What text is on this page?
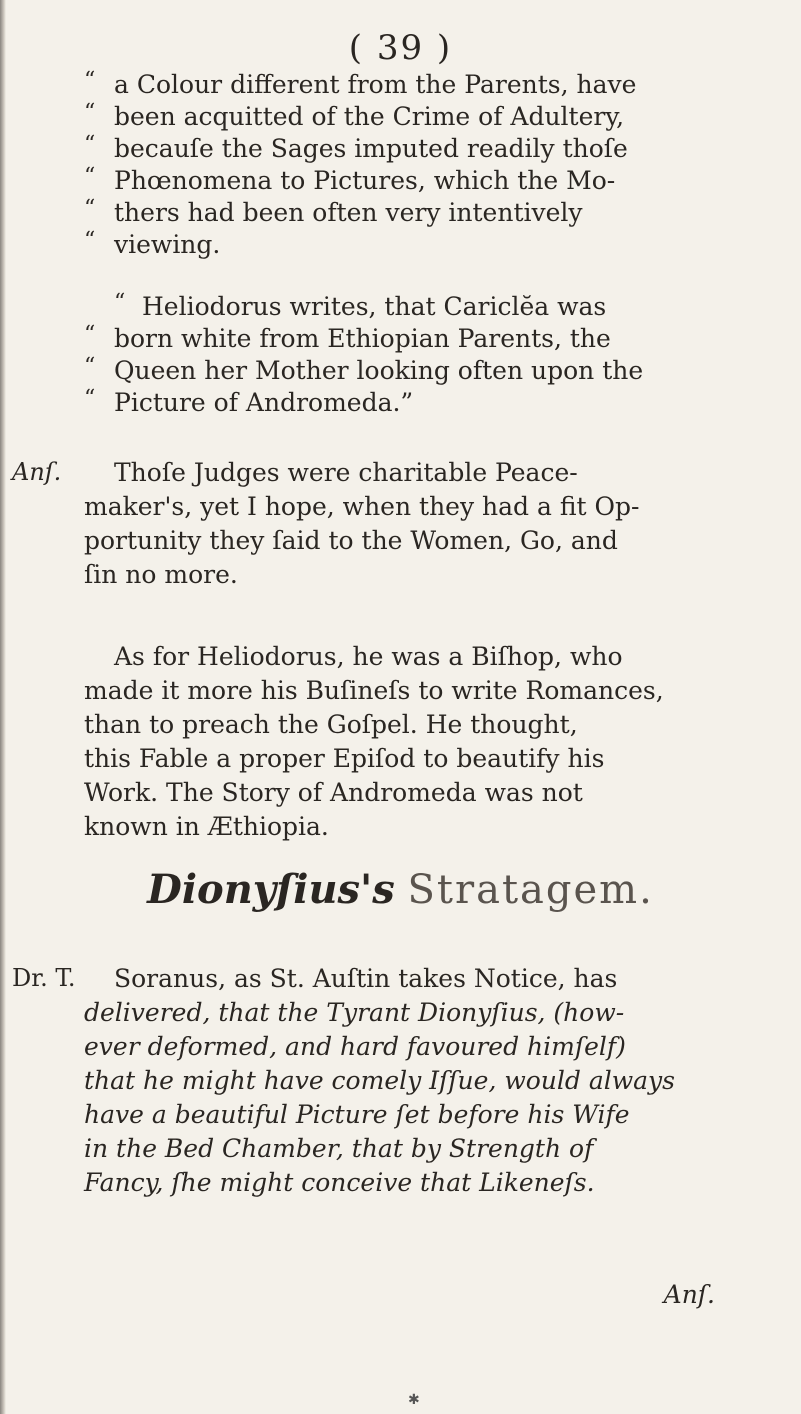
( 39 )
“
“
“
“
“
“
a Colour different from the Parents, have
been acquitted of the Crime of Adultery,
becauſe the Sages imputed readily thoſe
Phœnomena to Pictures, which the Mo-
thers had been often very intentively
viewing.
“
“
“
“
Heliodorus writes, that Cariclĕa was
born white from Ethiopian Parents, the
Queen her Mother looking often upon the
Picture of Andromeda.”
Anſ. Thoſe Judges were charitable Peace-
maker's, yet I hope, when they had a fit Op-
portunity they ſaid to the Women, Go, and
ſin no more.
As for Heliodorus, he was a Biſhop, who
made it more his Buſineſs to write Romances,
than to preach the Goſpel. He thought,
this Fable a proper Epiſod to beautify his
Work. The Story of Andromeda was not
known in Æthiopia.
Dionyſius's Stratagem.
Dr. T. Soranus, as St. Auſtin takes Notice, has
delivered, that the Tyrant Dionyſius, (how-
ever deformed, and hard favoured himſelf)
that he might have comely Iſſue, would always
have a beautiful Picture ſet before his Wife
in the Bed Chamber, that by Strength of
Fancy, ſhe might conceive that Likeneſs.
Anſ.
✱
